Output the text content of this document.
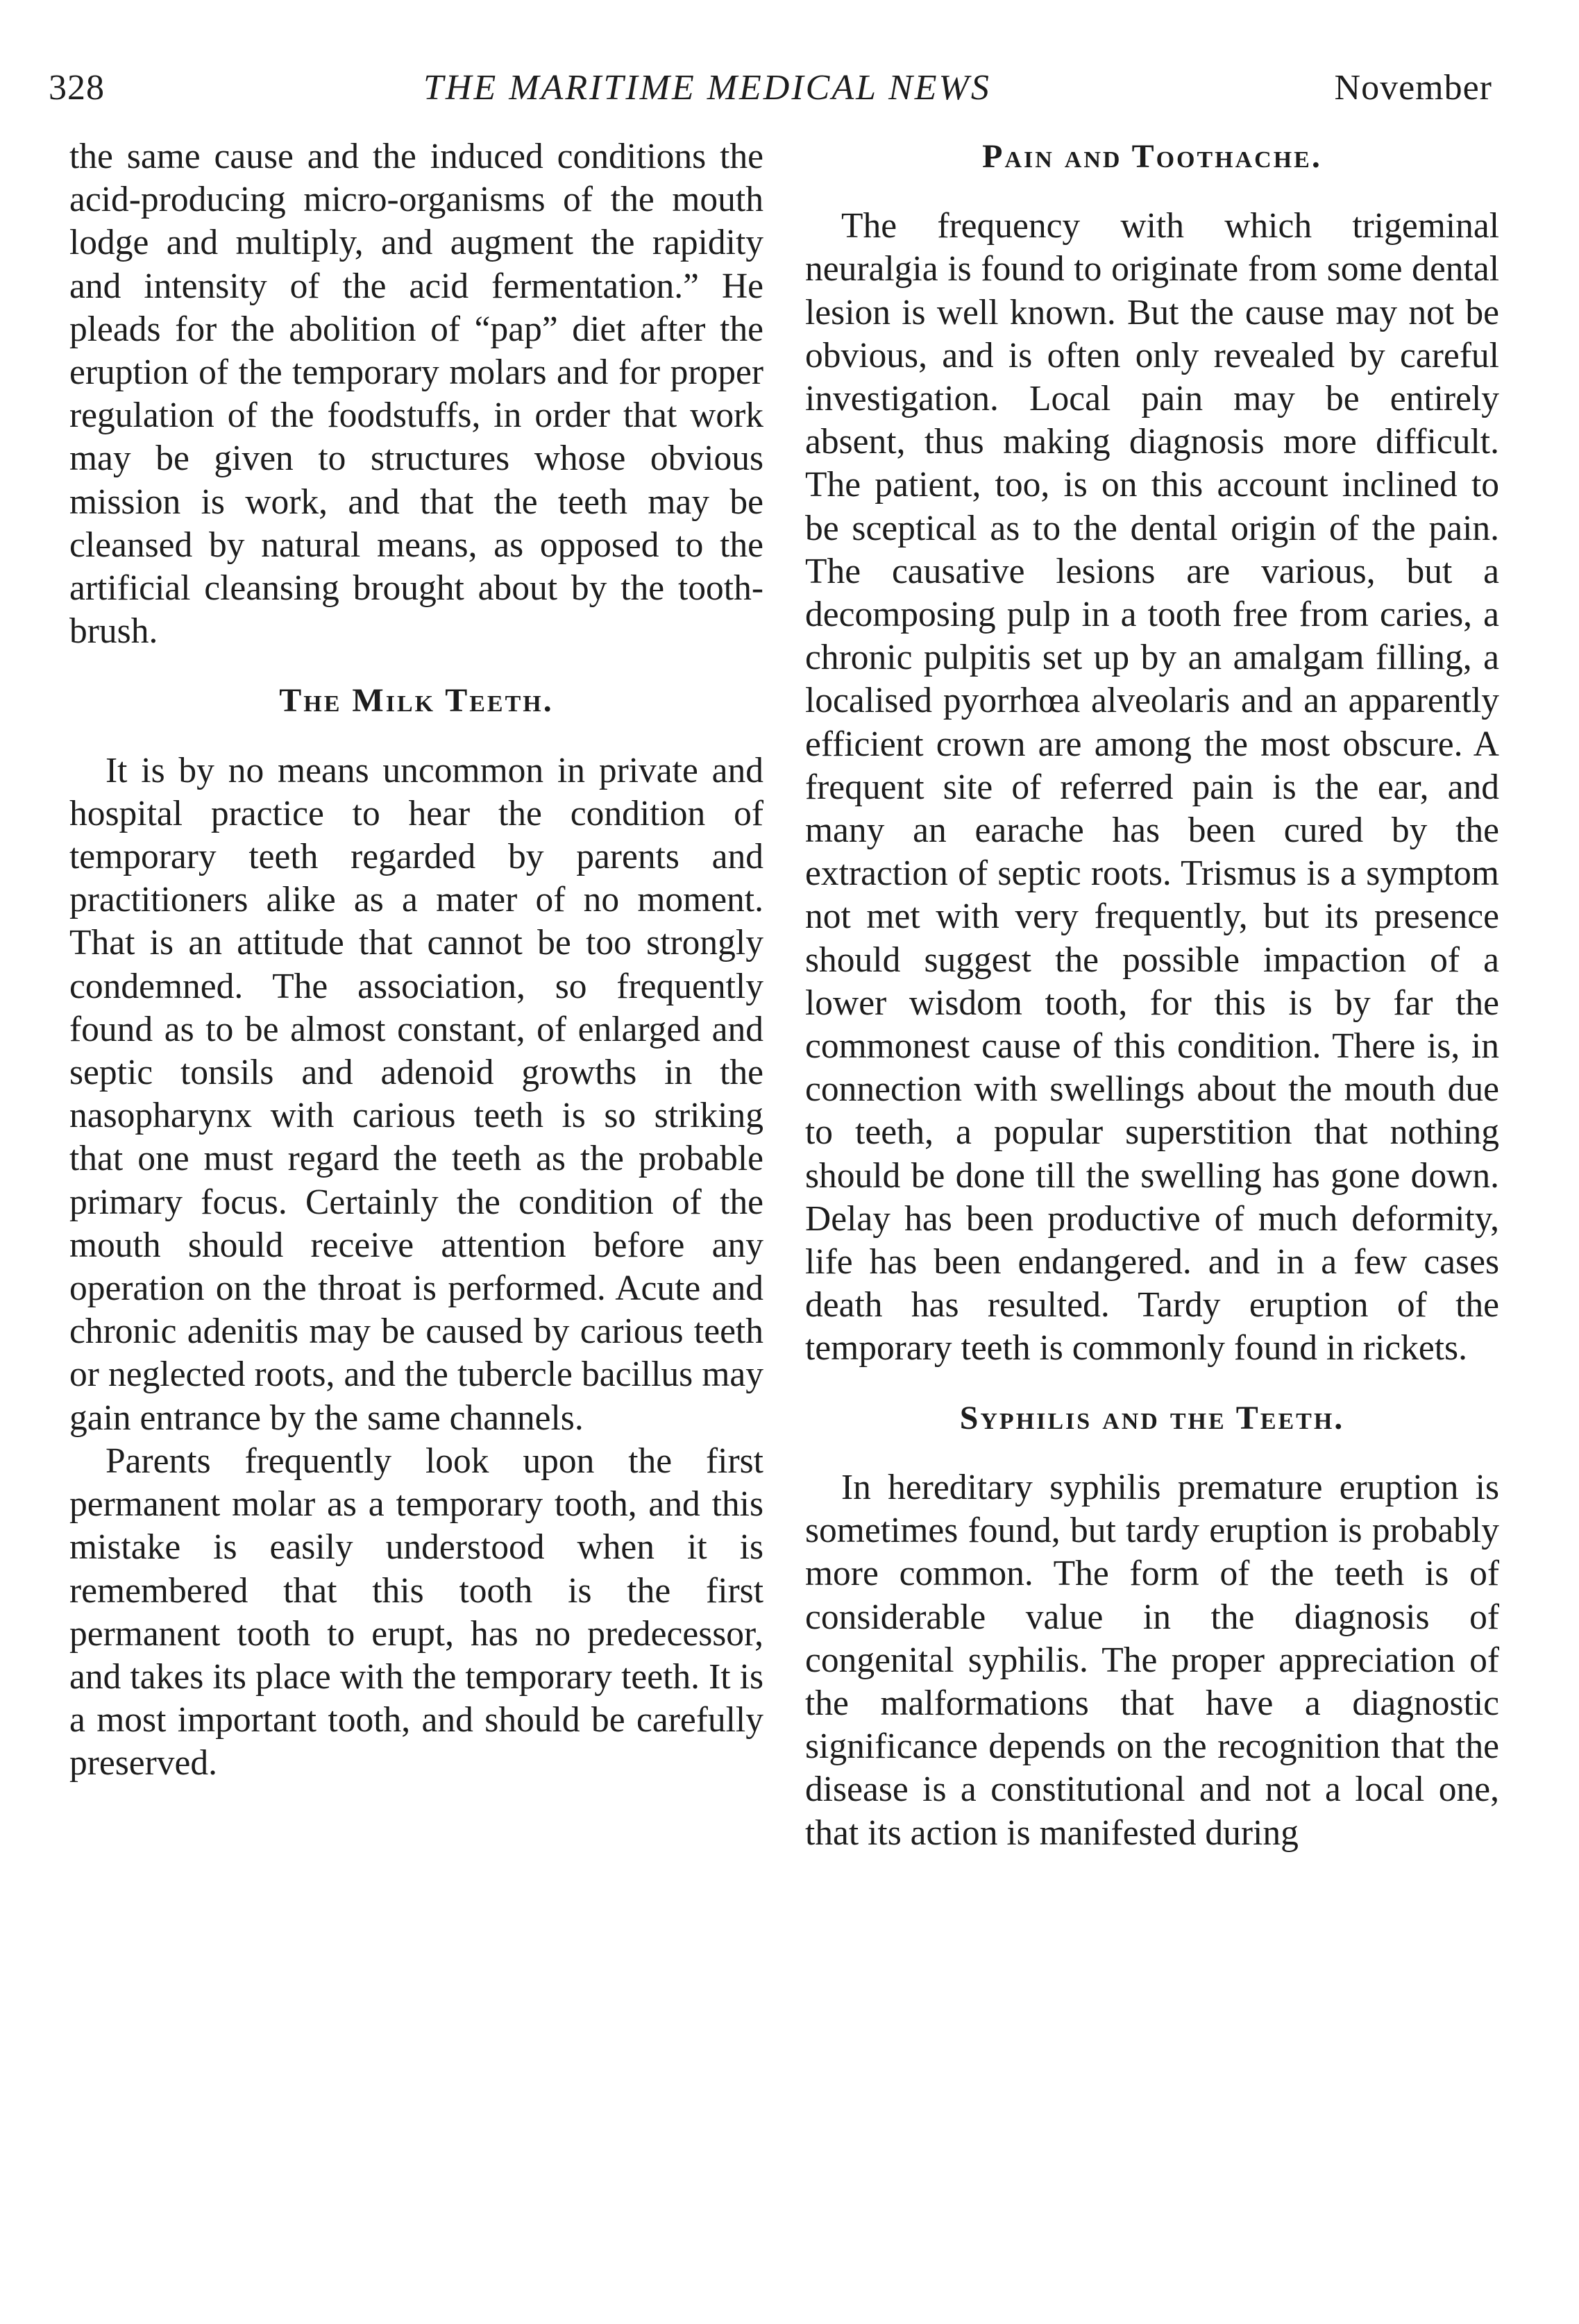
328	THE MARITIME MEDICAL NEWS	November

the same cause and the induced conditions the acid-producing micro-organisms of the mouth lodge and multiply, and augment the rapidity and intensity of the acid fermentation.” He pleads for the abolition of “pap” diet after the eruption of the temporary molars and for proper regulation of the foodstuffs, in order that work may be given to structures whose obvious mission is work, and that the teeth may be cleansed by natural means, as opposed to the artificial cleansing brought about by the tooth-brush.

The Milk Teeth.

It is by no means uncommon in private and hospital practice to hear the condition of temporary teeth regarded by parents and practitioners alike as a mater of no moment. That is an attitude that cannot be too strongly condemned. The association, so frequently found as to be almost constant, of enlarged and septic tonsils and adenoid growths in the nasopharynx with carious teeth is so striking that one must regard the teeth as the probable primary focus. Certainly the condition of the mouth should receive attention before any operation on the throat is performed. Acute and chronic adenitis may be caused by carious teeth or neglected roots, and the tubercle bacillus may gain entrance by the same channels.

Parents frequently look upon the first permanent molar as a temporary tooth, and this mistake is easily understood when it is remembered that this tooth is the first permanent tooth to erupt, has no predecessor, and takes its place with the temporary teeth. It is a most important tooth, and should be carefully preserved.

Pain and Toothache.

The frequency with which trigeminal neuralgia is found to originate from some dental lesion is well known. But the cause may not be obvious, and is often only revealed by careful investigation. Local pain may be entirely absent, thus making diagnosis more difficult. The patient, too, is on this account inclined to be sceptical as to the dental origin of the pain. The causative lesions are various, but a decomposing pulp in a tooth free from caries, a chronic pulpitis set up by an amalgam filling, a localised pyorrhœa alveolaris and an apparently efficient crown are among the most obscure. A frequent site of referred pain is the ear, and many an earache has been cured by the extraction of septic roots. Trismus is a symptom not met with very frequently, but its presence should suggest the possible impaction of a lower wisdom tooth, for this is by far the commonest cause of this condition. There is, in connection with swellings about the mouth due to teeth, a popular superstition that nothing should be done till the swelling has gone down. Delay has been productive of much deformity, life has been endangered. and in a few cases death has resulted. Tardy eruption of the temporary teeth is commonly found in rickets.

Syphilis and the Teeth.

In hereditary syphilis premature eruption is sometimes found, but tardy eruption is probably more common. The form of the teeth is of considerable value in the diagnosis of congenital syphilis. The proper appreciation of the malformations that have a diagnostic significance depends on the recognition that the disease is a constitutional and not a local one, that its action is manifested during
